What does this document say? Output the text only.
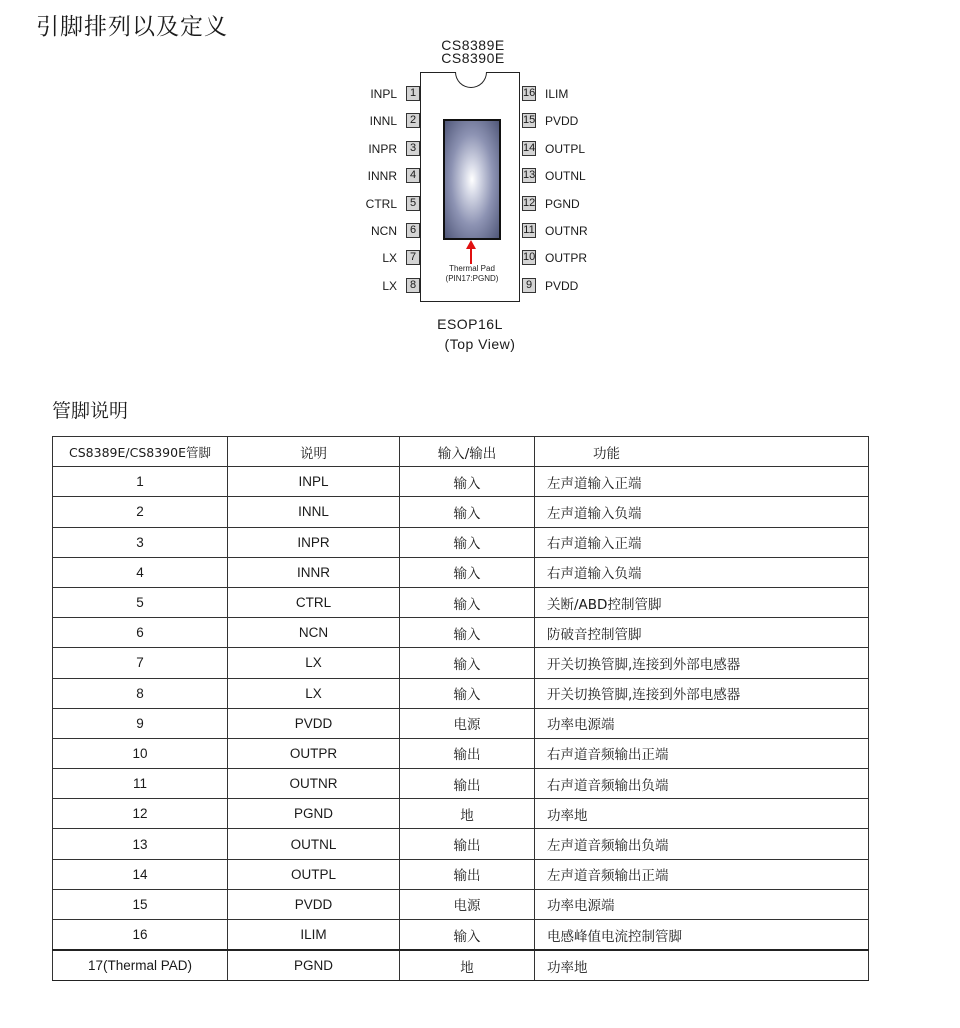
引脚排列以及定义
CS8389E
CS8390E
Thermal Pad
(PIN17:PGND)
INPL	1
INNL	2
INPR	3
INNR	4
CTRL	5
NCN	6
LX	7
LX	8
16 ILIM
15 PVDD
14 OUTPL
13 OUTNL
12 PGND
11 OUTNR
10 OUTPR
9	PVDD
ESOP16L
(Top View)
管脚说明
CS8389E/CS8390E管脚	说明	输入/输出	功能
1	INPL	输入	左声道输入正端
2	INNL	输入	左声道输入负端
3	INPR	输入	右声道输入正端
4	INNR	输入	右声道输入负端
5	CTRL	输入	关断/ABD控制管脚
6	NCN	输入	防破音控制管脚
7	LX	输入	开关切换管脚,连接到外部电感器
8	LX	输入	开关切换管脚,连接到外部电感器
9	PVDD	电源	功率电源端
10	OUTPR	输出	右声道音频输出正端
11	OUTNR	输出	右声道音频输出负端
12	PGND	地	功率地
13	OUTNL	输出	左声道音频输出负端
14	OUTPL	输出	左声道音频输出正端
15	PVDD	电源	功率电源端
16	ILIM	输入	电感峰值电流控制管脚
17(Thermal PAD)	PGND	地	功率地
